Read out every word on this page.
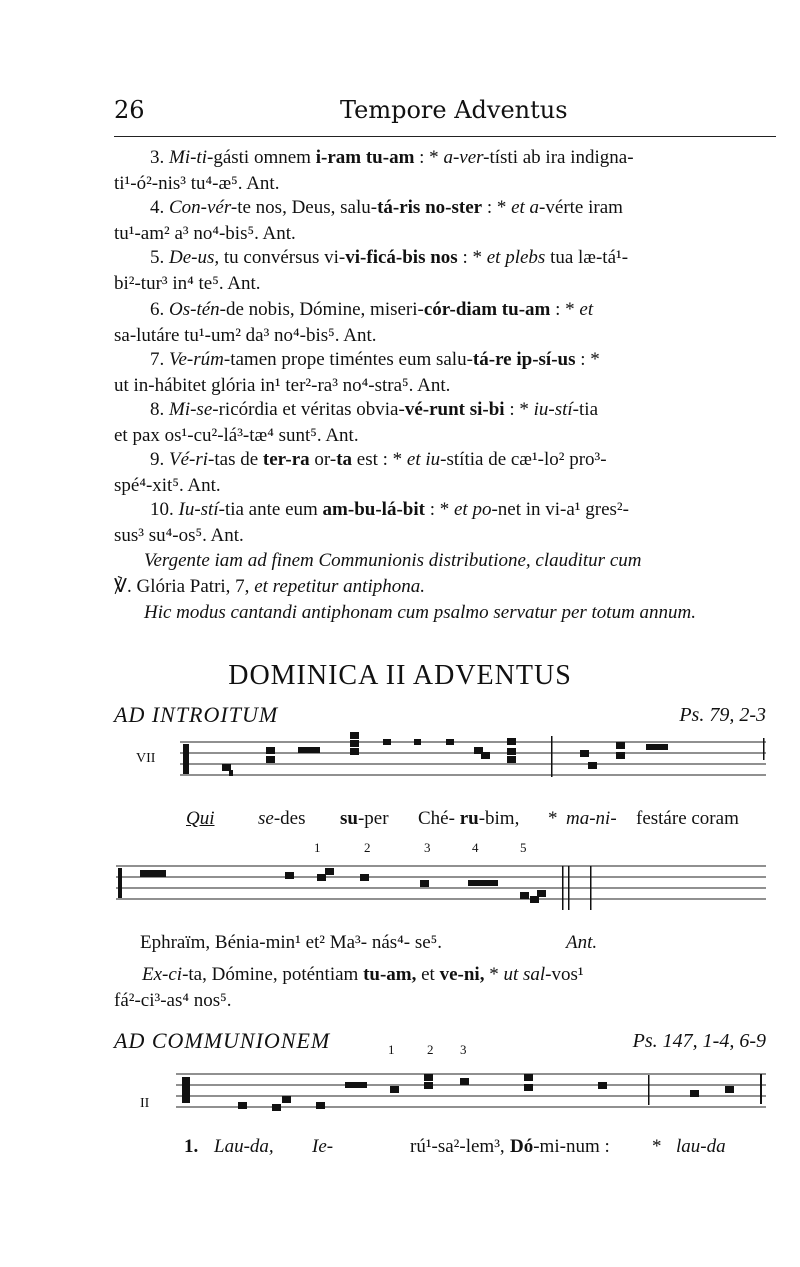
26	Tempore Adventus
3. Mi-ti-gásti omnem i-ram tu-am : * a-ver-tísti ab ira indigna-
ti¹-ó²-nis³ tu⁴-æ⁵. Ant.
4. Con-vér-te nos, Deus, salu-tá-ris no-ster : * et a-vérte iram
tu¹-am² a³ no⁴-bis⁵. Ant.
5. De-us, tu convérsus vi-vi-ficá-bis nos : * et plebs tua læ-tá¹-
bi²-tur³ in⁴ te⁵. Ant.
6. Os-tén-de nobis, Dómine, miseri-cór-diam tu-am : * et
sa-lutáre tu¹-um² da³ no⁴-bis⁵. Ant.
7. Ve-rúm-tamen prope timéntes eum salu-tá-re ip-sí-us : *
ut in-hábitet glória in¹ ter²-ra³ no⁴-stra⁵. Ant.
8. Mi-se-ricórdia et véritas obvia-vé-runt si-bi : * iu-stí-tia
et pax os¹-cu²-lá³-tæ⁴ sunt⁵. Ant.
9. Vé-ri-tas de ter-ra or-ta est : * et iu-stítia de cæ¹-lo² pro³-
spé⁴-xit⁵. Ant.
10. Iu-stí-tia ante eum am-bu-lá-bit : * et po-net in vi-a¹ gres²-
sus³ su⁴-os⁵. Ant.
Vergente iam ad finem Communionis distributione, clauditur cum
℣. Glória Patri, 7, et repetitur antiphona.
Hic modus cantandi antiphonam cum psalmo servatur per totum annum.
DOMINICA II ADVENTUS
AD INTROITUM	Ps. 79, 2-3
VII
Qui se-des su-per Ché- ru-bim, * ma-ni- festáre coram
1	2	3	4	5
Ephraïm, Bénia-min¹ et² Ma³- nás⁴- se⁵.	Ant.
Ex-ci-ta, Dómine, poténtiam tu-am, et ve-ni, * ut sal-vos¹
fá²-ci³-as⁴ nos⁵.
AD COMMUNIONEM	Ps. 147, 1-4, 6-9
1	2 3
II
1. Lau-da, Ie-	rú¹-sa²-lem³, Dó-mi-num : * lau-da
